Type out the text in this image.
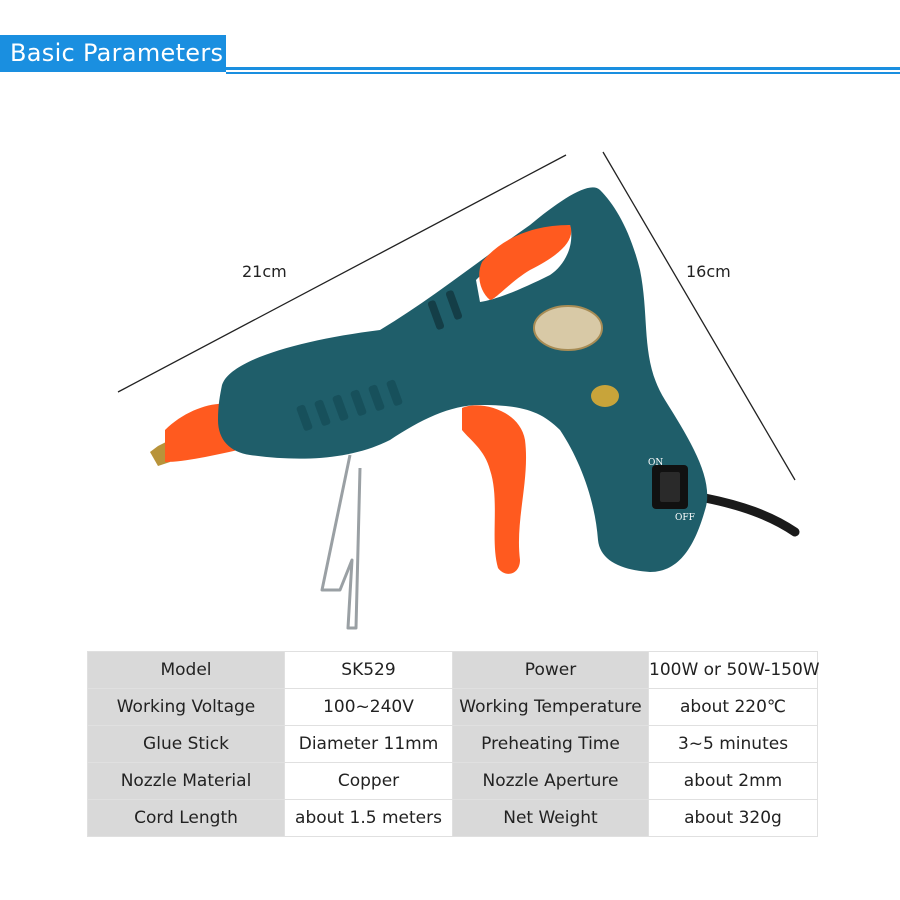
Basic Parameters
ON
OFF
21cm	16cm
Model	SK529	Power	100W or 50W-150W
Working Voltage	100~240V	Working Temperature	about 220℃
Glue Stick	Diameter 11mm	Preheating Time	3~5 minutes
Nozzle Material	Copper	Nozzle Aperture	about 2mm
Cord Length	about 1.5 meters	Net Weight	about 320g
